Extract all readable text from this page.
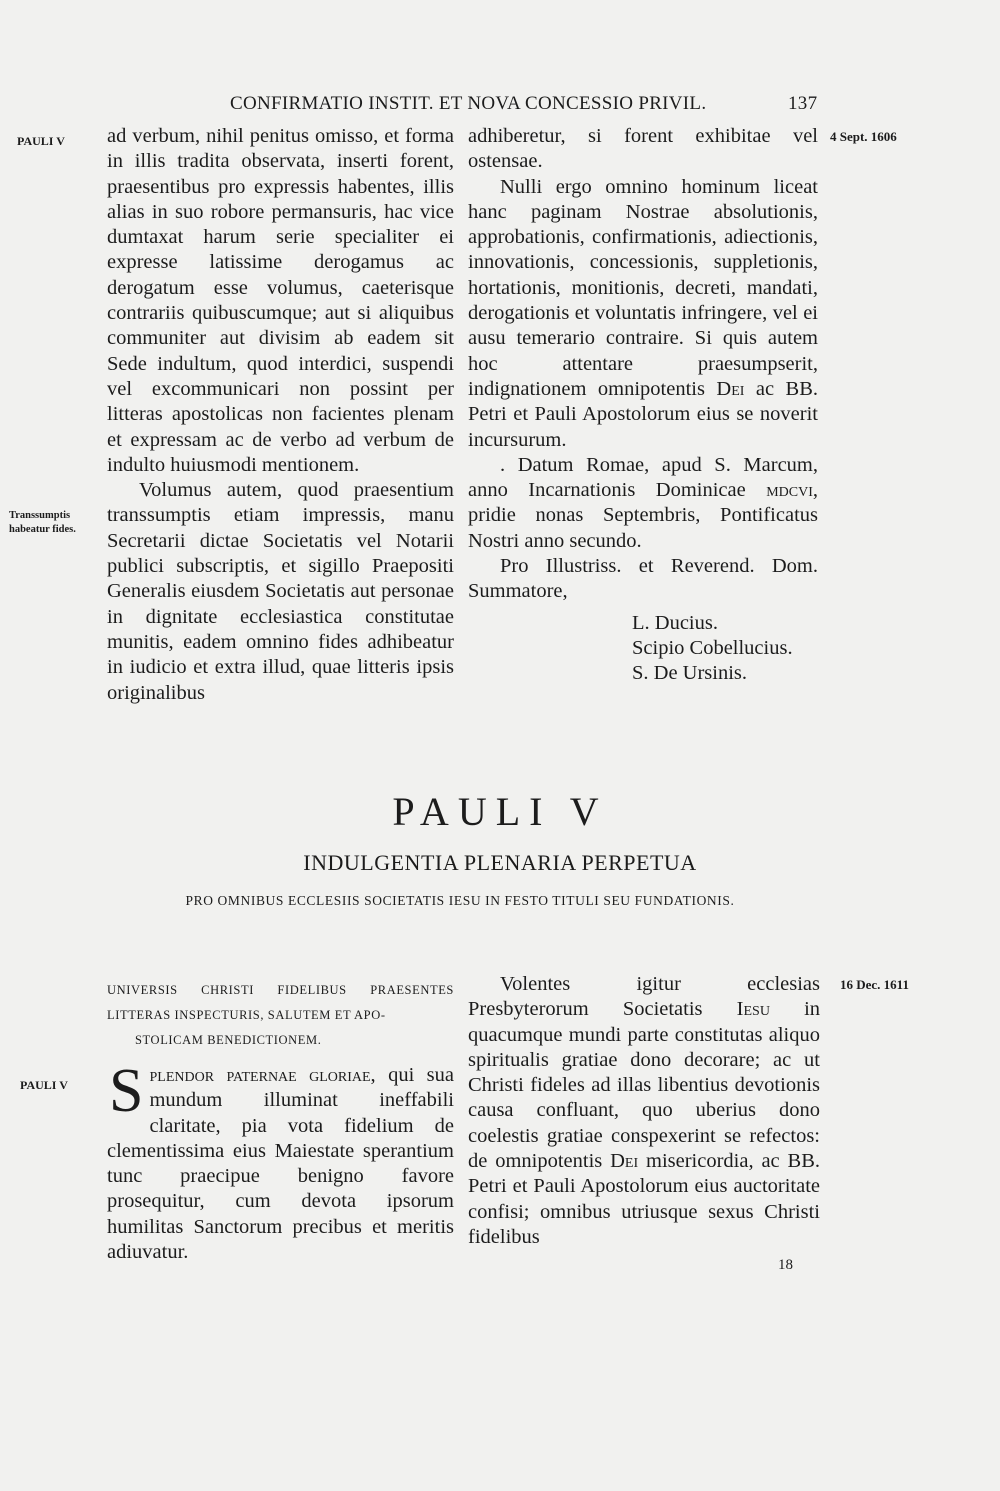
CONFIRMATIO INSTIT. ET NOVA CONCESSIO PRIVIL.	137
PAULI V	4 Sept. 1606
Transsumptis
habeatur fides.
16 Dec. 1611
PAULI V

ad verbum, nihil penitus omisso, et forma in illis tradita observata, inserti forent, praesentibus pro expressis habentes, illis alias in suo robore permansuris, hac vice dumtaxat harum serie specialiter ei expresse latissime derogamus ac derogatum esse volumus, caeterisque contrariis quibuscumque; aut si aliquibus communiter aut divisim ab eadem sit Sede indultum, quod interdici, suspendi vel excommunicari non possint per litteras apostolicas non facientes plenam et expressam ac de verbo ad verbum de indulto huiusmodi mentionem.

Volumus autem, quod praesentium transsumptis etiam impressis, manu Secretarii dictae Societatis vel Notarii publici subscriptis, et sigillo Praepositi Generalis eiusdem Societatis aut personae in dignitate ecclesiastica constitutae munitis, eadem omnino fides adhibeatur in iudicio et extra illud, quae litteris ipsis originalibus

adhiberetur, si forent exhibitae vel ostensae.

Nulli ergo omnino hominum liceat hanc paginam Nostrae absolutionis, approbationis, confirmationis, adiectionis, innovationis, concessionis, suppletionis, hortationis, monitionis, decreti, mandati, derogationis et voluntatis infringere, vel ei ausu temerario contraire. Si quis autem hoc attentare praesumpserit, indignationem omnipotentis Dei ac BB. Petri et Pauli Apostolorum eius se noverit incursurum.

. Datum Romae, apud S. Marcum, anno Incarnationis Dominicae mdcvi, pridie nonas Septembris, Pontificatus Nostri anno secundo.

Pro Illustriss. et Reverend. Dom. Summatore,

L. Ducius.
Scipio Cobellucius.
S. De Ursinis.
PAULI V
INDULGENTIA PLENARIA PERPETUA
PRO OMNIBUS ECCLESIIS SOCIETATIS IESU IN FESTO TITULI SEU FUNDATIONIS.
UNIVERSIS CHRISTI FIDELIBUS PRAESENTES LITTERAS INSPECTURIS, SALUTEM ET APO-
STOLICAM BENEDICTIONEM.

Splendor paternae gloriae, qui sua mundum illuminat ineffabili claritate, pia vota fidelium de clementissima eius Maiestate sperantium tunc praecipue benigno favore prosequitur, cum devota ipsorum humilitas Sanctorum precibus et meritis adiuvatur.

Volentes igitur ecclesias Presbyterorum Societatis Iesu in quacumque mundi parte constitutas aliquo spiritualis gratiae dono decorare; ac ut Christi fideles ad illas libentius devotionis causa confluant, quo uberius dono coelestis gratiae conspexerint se refectos: de omnipotentis Dei misericordia, ac BB. Petri et Pauli Apostolorum eius auctoritate confisi; omnibus utriusque sexus Christi fidelibus

18
